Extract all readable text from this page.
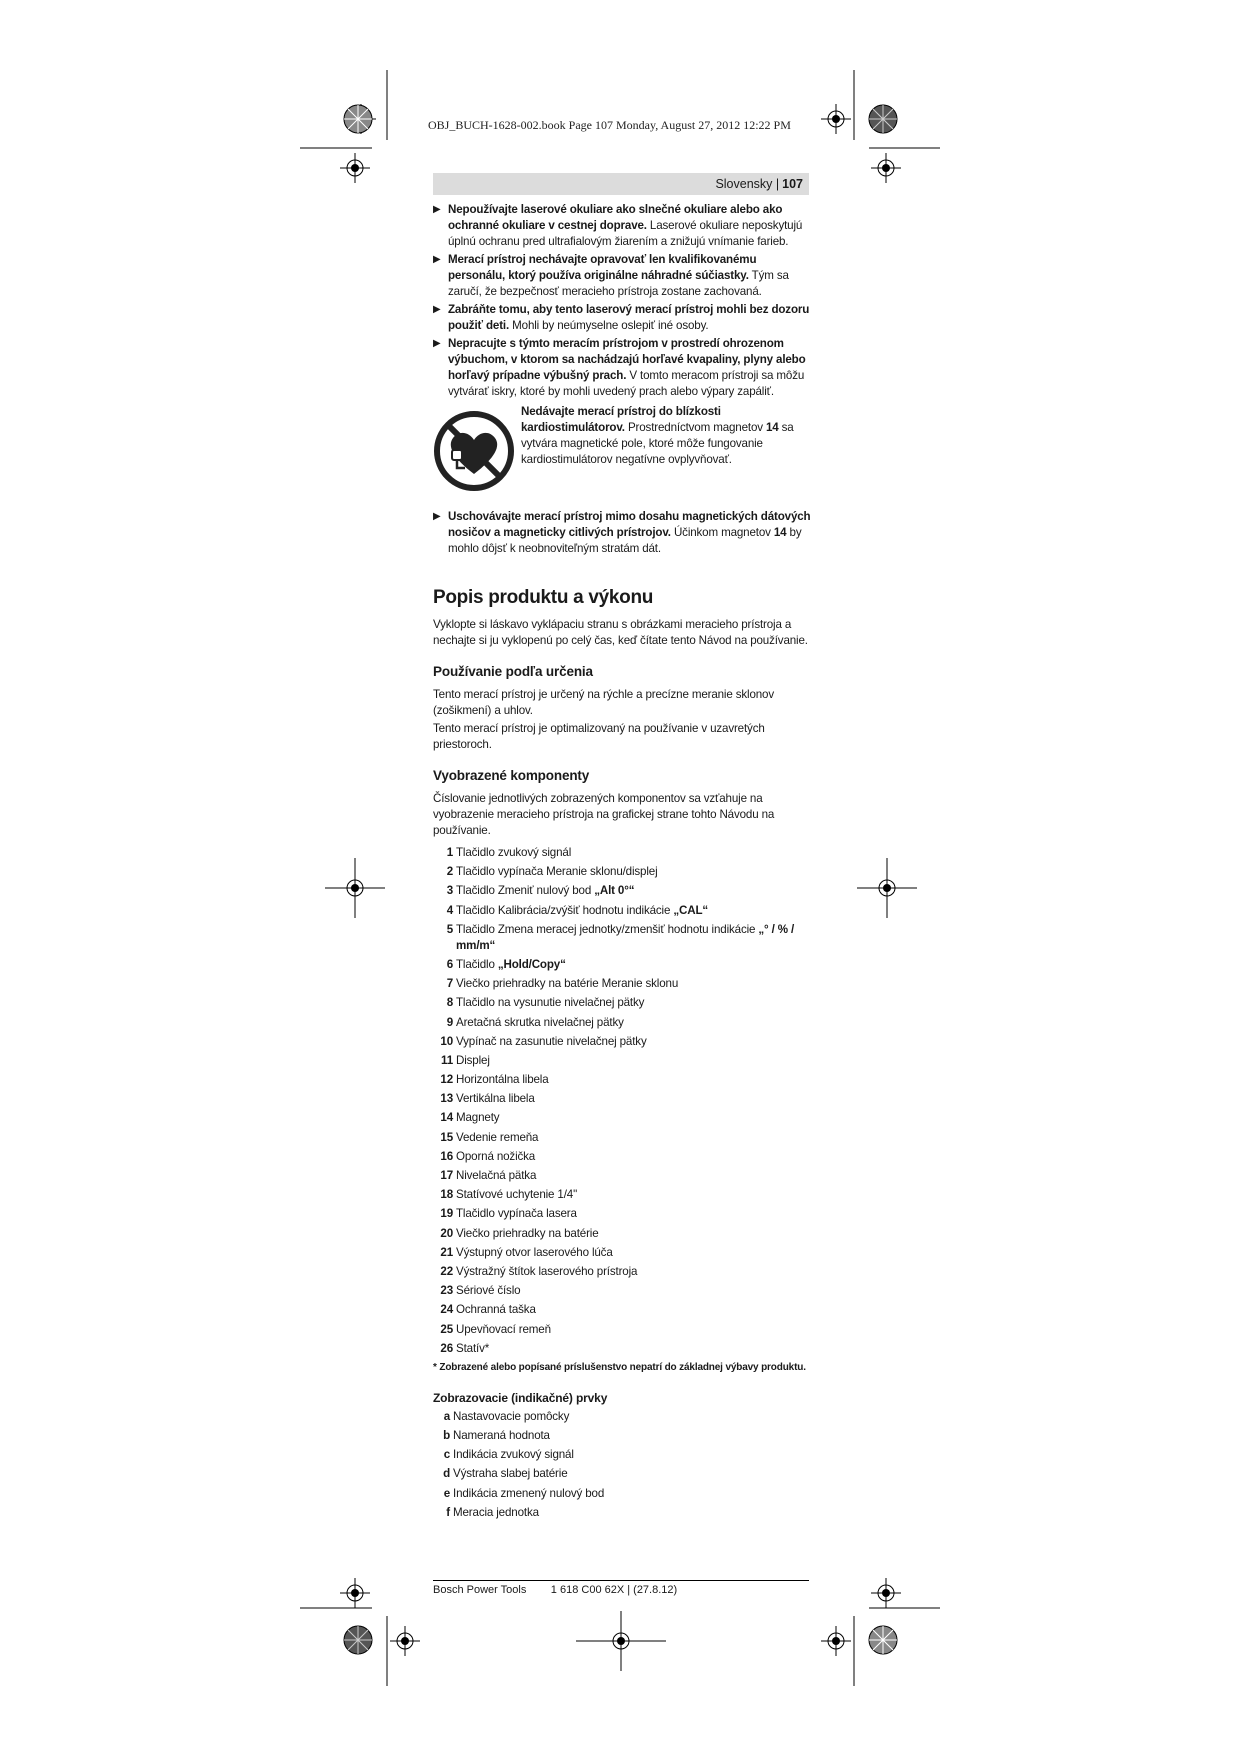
OBJ_BUCH-1628-002.book Page 107 Monday, August 27, 2012 12:22 PM
Slovensky | 107
▶ Nepoužívajte laserové okuliare ako slnečné okuliare alebo ako ochranné okuliare v cestnej doprave. Laserové okuliare neposkytujú úplnú ochranu pred ultrafialovým žiarením a znižujú vnímanie farieb.
▶ Merací prístroj nechávajte opravovať len kvalifikovanému personálu, ktorý používa originálne náhradné súčiastky. Tým sa zaručí, že bezpečnosť meracieho prístroja zostane zachovaná.
▶ Zabráňte tomu, aby tento laserový merací prístroj mohli bez dozoru použiť deti. Mohli by neúmyselne oslepiť iné osoby.
▶ Nepracujte s týmto meracím prístrojom v prostredí ohrozenom výbuchom, v ktorom sa nachádzajú horľavé kvapaliny, plyny alebo horľavý prípadne výbušný prach. V tomto meracom prístroji sa môžu vytvárať iskry, ktoré by mohli uvedený prach alebo výpary zapáliť.
Nedávajte merací prístroj do blízkosti kardiostimulátorov. Prostredníctvom magnetov 14 sa vytvára magnetické pole, ktoré môže fungovanie kardiostimulátorov negatívne ovplyvňovať.
▶ Uschovávajte merací prístroj mimo dosahu magnetických dátových nosičov a magneticky citlivých prístrojov. Účinkom magnetov 14 by mohlo dôjsť k neobnoviteľným stratám dát.
Popis produktu a výkonu

Vyklopte si láskavo vyklápaciu stranu s obrázkami meracieho prístroja a nechajte si ju vyklopenú po celý čas, keď čítate tento Návod na používanie.

Používanie podľa určenia

Tento merací prístroj je určený na rýchle a precízne meranie sklonov (zošikmení) a uhlov.

Tento merací prístroj je optimalizovaný na používanie v uzavretých priestoroch.

Vyobrazené komponenty

Číslovanie jednotlivých zobrazených komponentov sa vzťahuje na vyobrazenie meracieho prístroja na grafickej strane tohto Návodu na používanie.

1 Tlačidlo zvukový signál
2 Tlačidlo vypínača Meranie sklonu/displej
3 Tlačidlo Zmeniť nulový bod „Alt 0°“
4 Tlačidlo Kalibrácia/zvýšiť hodnotu indikácie „CAL“
5 Tlačidlo Zmena meracej jednotky/zmenšiť hodnotu indikácie „° / % / mm/m“
6 Tlačidlo „Hold/Copy“
7 Viečko priehradky na batérie Meranie sklonu
8 Tlačidlo na vysunutie nivelačnej pätky
9 Aretačná skrutka nivelačnej pätky
10 Vypínač na zasunutie nivelačnej pätky
11 Displej
12 Horizontálna libela
13 Vertikálna libela
14 Magnety
15 Vedenie remeňa
16 Oporná nožička
17 Nivelačná pätka
18 Statívové uchytenie 1/4"
19 Tlačidlo vypínača lasera
20 Viečko priehradky na batérie
21 Výstupný otvor laserového lúča
22 Výstražný štítok laserového prístroja
23 Sériové číslo
24 Ochranná taška
25 Upevňovací remeň
26 Statív*
* Zobrazené alebo popísané príslušenstvo nepatrí do základnej výbavy produktu.
Zobrazovacie (indikačné) prvky
a Nastavovacie pomôcky
b Nameraná hodnota
c Indikácia zvukový signál
d Výstraha slabej batérie
e Indikácia zmenený nulový bod
f Meracia jednotka
Bosch Power Tools        1 618 C00 62X | (27.8.12)
